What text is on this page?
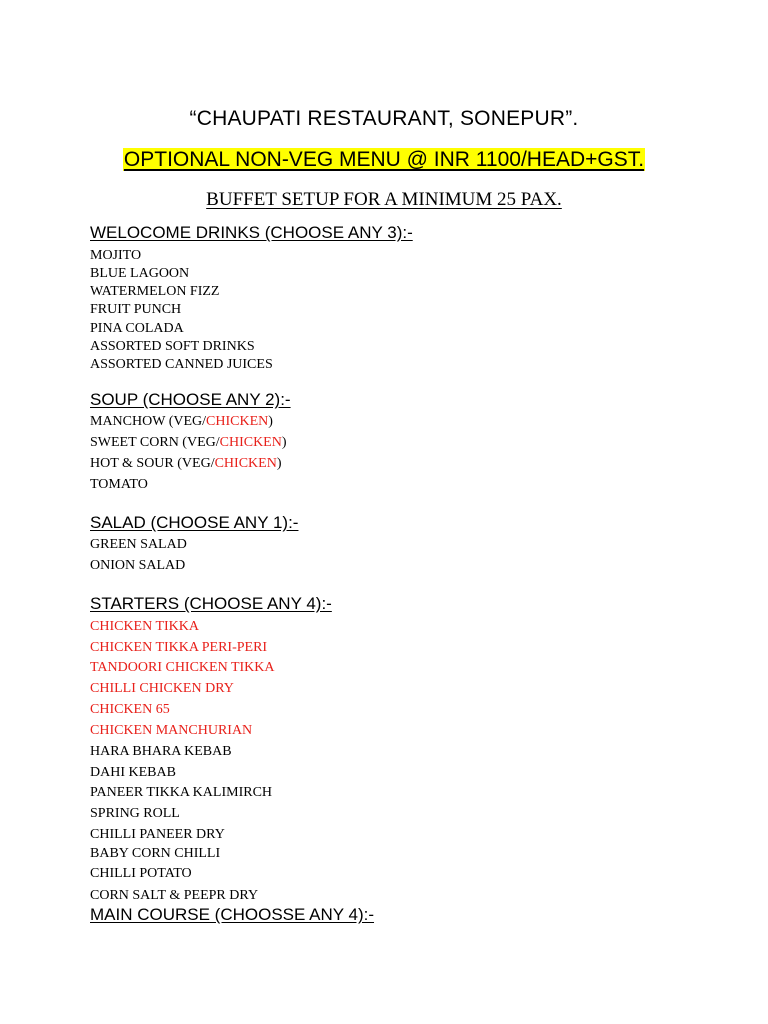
“CHAUPATI RESTAURANT, SONEPUR”.
OPTIONAL NON-VEG MENU @ INR 1100/HEAD+GST.
BUFFET SETUP FOR A MINIMUM 25 PAX.
WELOCOME DRINKS (CHOOSE ANY 3):-
MOJITO
BLUE LAGOON
WATERMELON FIZZ
FRUIT PUNCH
PINA COLADA
ASSORTED SOFT DRINKS
ASSORTED CANNED JUICES
SOUP (CHOOSE ANY 2):-
MANCHOW (VEG/CHICKEN)
SWEET CORN (VEG/CHICKEN)
HOT & SOUR (VEG/CHICKEN)
TOMATO
SALAD (CHOOSE ANY 1):-
GREEN SALAD
ONION SALAD
STARTERS (CHOOSE ANY 4):-
CHICKEN TIKKA
CHICKEN TIKKA PERI-PERI
TANDOORI CHICKEN TIKKA
CHILLI CHICKEN DRY
CHICKEN 65
CHICKEN MANCHURIAN
HARA BHARA KEBAB
DAHI KEBAB
PANEER TIKKA KALIMIRCH
SPRING ROLL
CHILLI PANEER DRY
BABY CORN CHILLI
CHILLI POTATO
CORN SALT & PEEPR DRY
MAIN COURSE (CHOOSSE ANY 4):-
